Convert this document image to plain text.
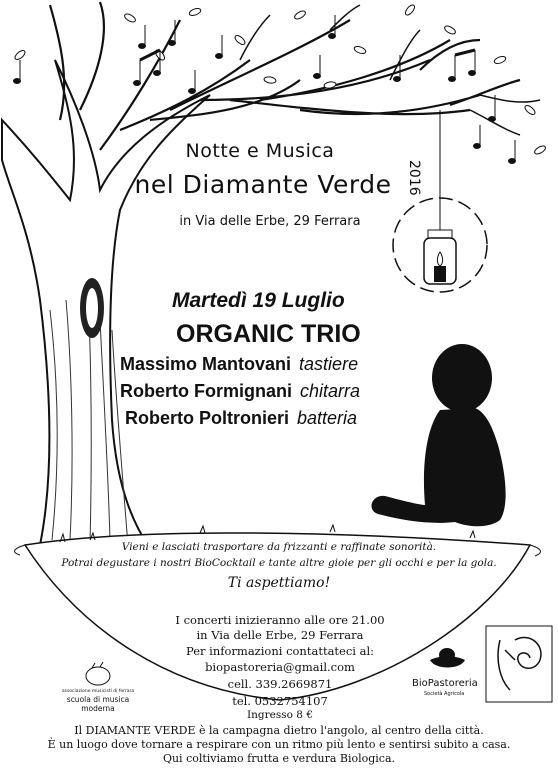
Notte e Musica
nel Diamante Verde
in Via delle Erbe, 29 Ferrara
2016
Martedì 19 Luglio
ORGANIC TRIO
Massimo Mantovani tastiere
Roberto Formignani chitarra
Roberto Poltronieri batteria
Vieni e lasciati trasportare da frizzanti e raffinate sonorità.
Potrai degustare i nostri BioCocktail e tante altre gioie per gli occhi e per la gola.
Ti aspettiamo!
I concerti inizieranno alle ore 21.00
in Via delle Erbe, 29 Ferrara
Per informazioni contattateci al:
biopastoreria@gmail.com
cell. 339.2669871
tel. 0532754107
Ingresso 8 €
associazione musicisti di ferrara
scuola di musica moderna
BioPastoreria
Società Agricola
Il DIAMANTE VERDE è la campagna dietro l'angolo, al centro della città.
È un luogo dove tornare a respirare con un ritmo più lento e sentirsi subito a casa.
Qui coltiviamo frutta e verdura Biologica.
